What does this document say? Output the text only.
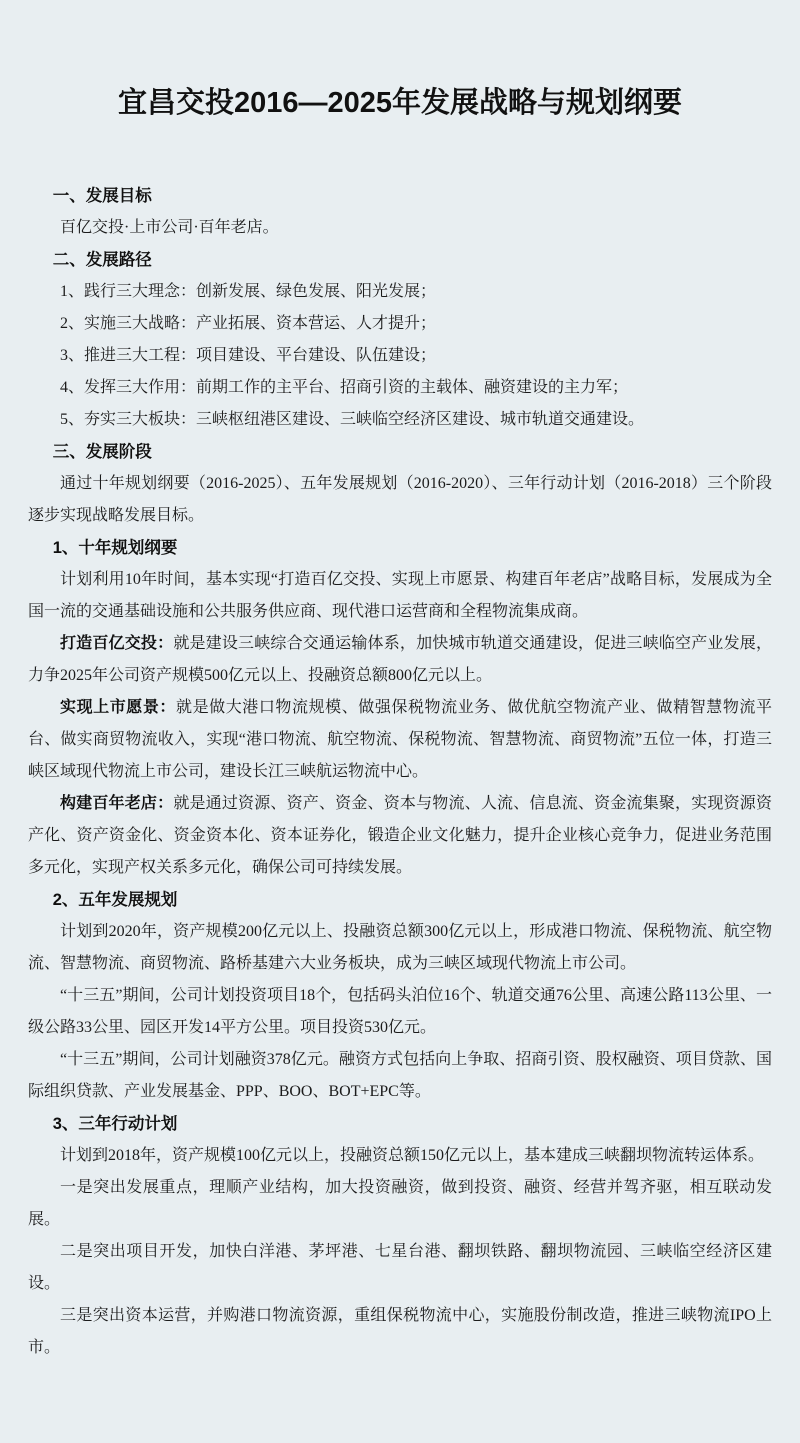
宜昌交投2016—2025年发展战略与规划纲要

一、发展目标

百亿交投·上市公司·百年老店。

二、发展路径

1、践行三大理念：创新发展、绿色发展、阳光发展；

2、实施三大战略：产业拓展、资本营运、人才提升；

3、推进三大工程：项目建设、平台建设、队伍建设；

4、发挥三大作用：前期工作的主平台、招商引资的主载体、融资建设的主力军；

5、夯实三大板块：三峡枢纽港区建设、三峡临空经济区建设、城市轨道交通建设。

三、发展阶段

通过十年规划纲要（2016-2025）、五年发展规划（2016-2020）、三年行动计划（2016-2018）三个阶段逐步实现战略发展目标。

1、十年规划纲要

计划利用10年时间，基本实现“打造百亿交投、实现上市愿景、构建百年老店”战略目标，发展成为全国一流的交通基础设施和公共服务供应商、现代港口运营商和全程物流集成商。

打造百亿交投：就是建设三峡综合交通运输体系，加快城市轨道交通建设，促进三峡临空产业发展，力争2025年公司资产规模500亿元以上、投融资总额800亿元以上。

实现上市愿景：就是做大港口物流规模、做强保税物流业务、做优航空物流产业、做精智慧物流平台、做实商贸物流收入，实现“港口物流、航空物流、保税物流、智慧物流、商贸物流”五位一体，打造三峡区域现代物流上市公司，建设长江三峡航运物流中心。

构建百年老店：就是通过资源、资产、资金、资本与物流、人流、信息流、资金流集聚，实现资源资产化、资产资金化、资金资本化、资本证券化，锻造企业文化魅力，提升企业核心竞争力，促进业务范围多元化，实现产权关系多元化，确保公司可持续发展。

2、五年发展规划

计划到2020年，资产规模200亿元以上、投融资总额300亿元以上，形成港口物流、保税物流、航空物流、智慧物流、商贸物流、路桥基建六大业务板块，成为三峡区域现代物流上市公司。

“十三五”期间，公司计划投资项目18个，包括码头泊位16个、轨道交通76公里、高速公路113公里、一级公路33公里、园区开发14平方公里。项目投资530亿元。

“十三五”期间，公司计划融资378亿元。融资方式包括向上争取、招商引资、股权融资、项目贷款、国际组织贷款、产业发展基金、PPP、BOO、BOT+EPC等。

3、三年行动计划

计划到2018年，资产规模100亿元以上，投融资总额150亿元以上，基本建成三峡翻坝物流转运体系。

一是突出发展重点，理顺产业结构，加大投资融资，做到投资、融资、经营并驾齐驱，相互联动发展。

二是突出项目开发，加快白洋港、茅坪港、七星台港、翻坝铁路、翻坝物流园、三峡临空经济区建设。

三是突出资本运营，并购港口物流资源，重组保税物流中心，实施股份制改造，推进三峡物流IPO上市。
